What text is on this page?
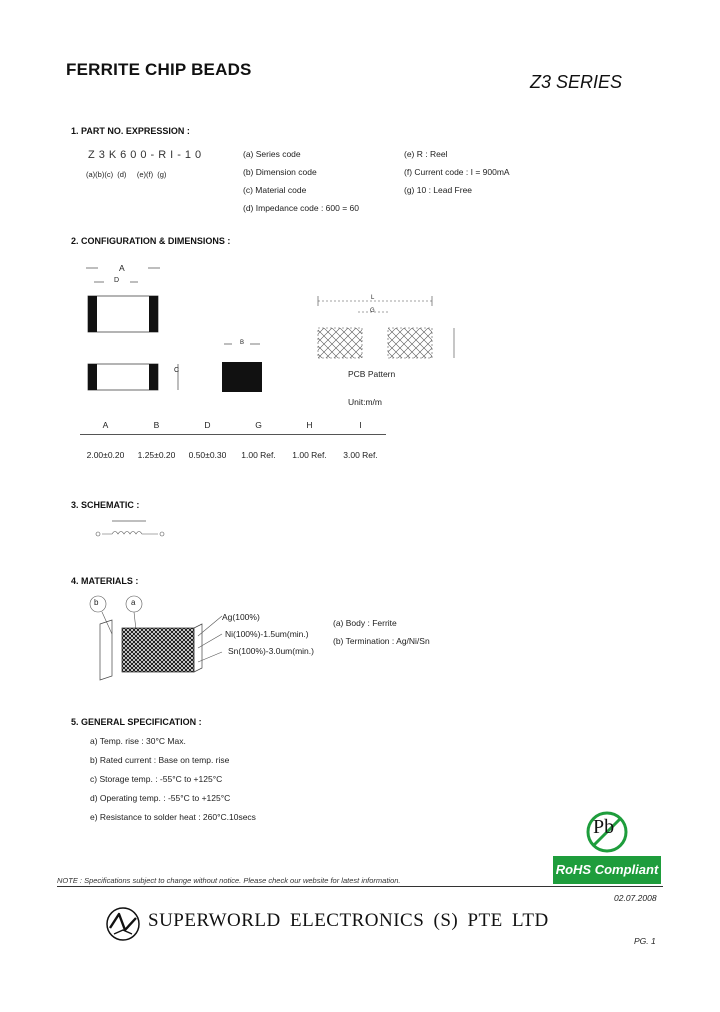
FERRITE CHIP BEADS
Z3 SERIES
1. PART NO. EXPRESSION :
Z3K600-RI-10
(a)(b)(c)  (d)     (e)(f)  (g)
(a) Series code
(b) Dimension code
(c) Material code
(d) Impedance code : 600 = 60
(e) R : Reel
(f) Current code : I = 900mA
(g) 10 : Lead Free
2. CONFIGURATION & DIMENSIONS :
A
D
C
B
L
G
PCB Pattern
Unit:m/m
A	B	D	G	H	I
2.00±0.20	1.25±0.20	0.50±0.30	1.00 Ref.	1.00 Ref.	3.00 Ref.
3. SCHEMATIC :
4. MATERIALS :
b	a
Ag(100%)
Ni(100%)-1.5um(min.)
Sn(100%)-3.0um(min.)
(a) Body : Ferrite
(b) Termination : Ag/Ni/Sn
5. GENERAL SPECIFICATION :
a) Temp. rise : 30°C Max.
b) Rated current : Base on temp. rise
c) Storage temp. : -55°C to +125°C
d) Operating temp. : -55°C to +125°C
e) Resistance to solder heat : 260°C.10secs	Pb
RoHS Compliant
NOTE : Specifications subject to change without notice. Please check our website for latest information.
02.07.2008
SUPERWORLD ELECTRONICS (S) PTE LTD
PG. 1
